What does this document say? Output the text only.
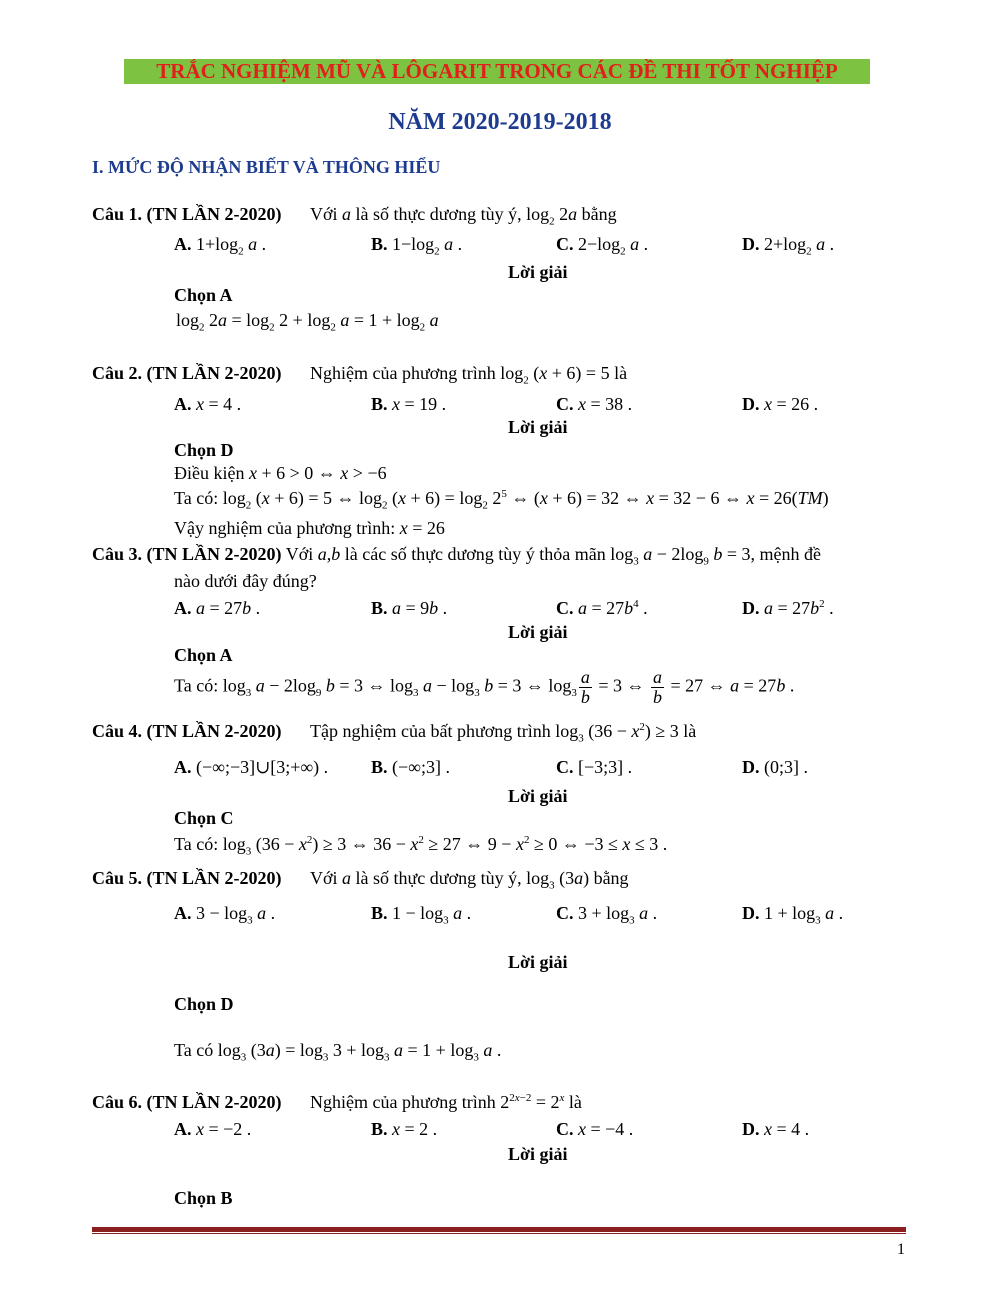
TRẮC NGHIỆM MŨ VÀ LÔGARIT TRONG CÁC ĐỀ THI TỐT NGHIỆP
NĂM 2020-2019-2018
I. MỨC ĐỘ NHẬN BIẾT VÀ THÔNG HIỂU
Câu 1. (TN LẦN 2-2020) Với a là số thực dương tùy ý, $\log_2 2a$ bằng
A. $1+\log_2$ a .	B. $1-\log_2$ a .	C. $2-\log_2$ a .	D. $2+\log_2$ a .
Lời giải
Chọn A
$\log_2 2a = \log_2 2 + \log_2 a = 1 + \log_2 a$
Câu 2. (TN LẦN 2-2020) Nghiệm của phương trình $\log_2 (x + 6) = 5$ là
A. x = 4 .	B. x = 19 .	C. x = 38 .	D. x = 26 .
Lời giải
Chọn D
Điều kiện x + 6 > 0 ⇔ x > −6
Ta có: $\log_2 (x + 6) = 5$ ⇔ $\log_2 (x + 6) = \log_2 2^5$ ⇔ (x + 6) = 32 ⇔ x = 32 − 6 ⇔ x = 26(TM)
Vậy nghiệm của phương trình: x = 26
Câu 3. (TN LẦN 2-2020) Với a,b là các số thực dương tùy ý thỏa mãn $\log_3 a - 2\log_9$ b = 3, mệnh đề
nào dưới đây đúng?
A. a = 27b .	B. a = 9b .	C. $a = 27b^4$ .	D. $a = 27b^2$ .
Lời giải
Chọn A
Ta có: $\log_3 a - 2\log_9$ b = 3 ⇔ $\log_3 a - \log_3 b = 3$ ⇔ $\log_3 \frac{a}{b} = 3$ ⇔ $\frac{a}{b} = 27$ ⇔ a = 27b .
Câu 4. (TN LẦN 2-2020) Tập nghiệm của bất phương trình $\log_3 (36 - x^2) \ge 3$ là
A. (−∞;−3]∪[3;+∞) . B. (−∞;3] .	C. [−3;3] .	D. (0;3] .
Lời giải
Chọn C
Ta có: $\log_3 (36 - x^2) \ge 3$ ⇔ $36 - x^2 \ge 27$ ⇔ $9 - x^2 \ge 0$ ⇔ −3 ≤ x ≤ 3 .
Câu 5. (TN LẦN 2-2020) Với a là số thực dương tùy ý, $\log_3 (3a)$ bằng
A. $3 - \log_3 a$ .	B. $1 - \log_3 a$ .	C. $3 + \log_3 a$ .	D. $1 + \log_3 a$ .
Lời giải
Chọn D
Ta có $\log_3 (3a) = \log_3 3 + \log_3 a = 1 + \log_3 a$ .
Câu 6. (TN LẦN 2-2020) Nghiệm của phương trình $2^{2x-2} = 2^x$ là
A. x = −2 .	B. x = 2 .	C. x = −4 .	D. x = 4 .
Lời giải
Chọn B
1
